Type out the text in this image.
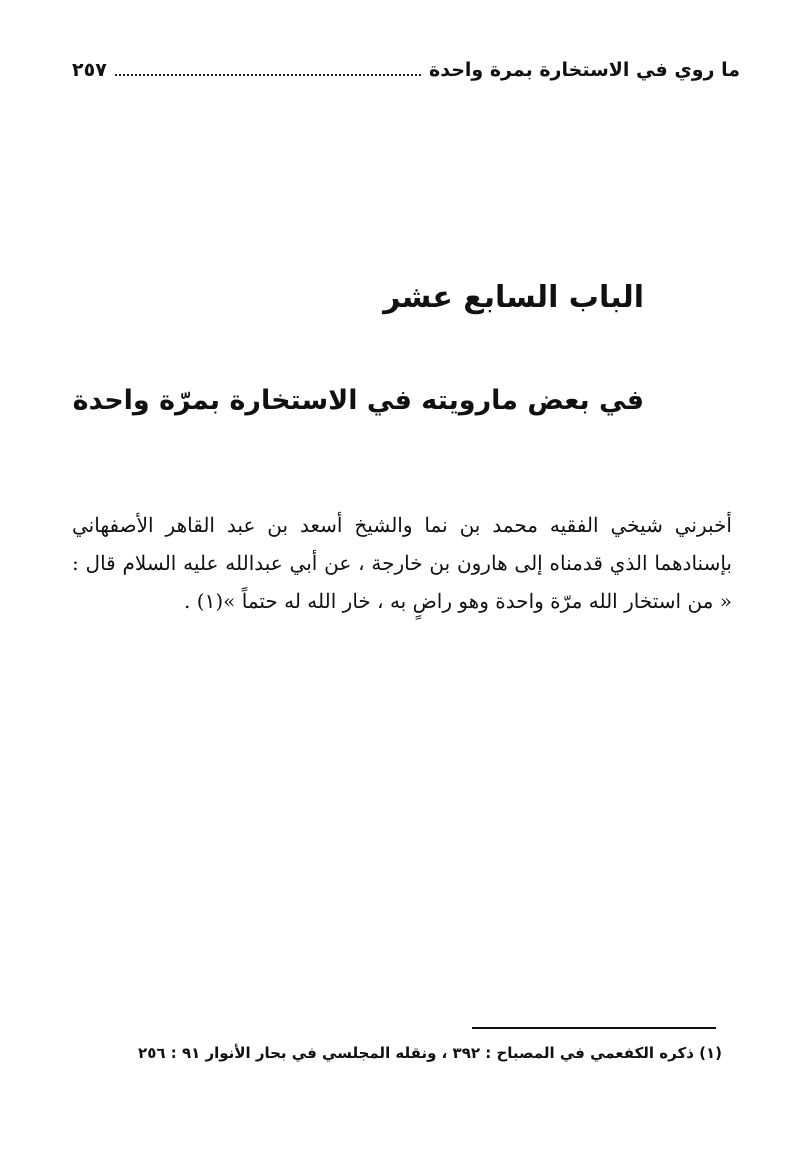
ما روي في الاستخارة بمرة واحدة
٢٥٧
الباب السابع عشر
في بعض مارويته في الاستخارة بمرّة واحدة
أخبرني شيخي الفقيه محمد بن نما والشيخ أسعد بن عبد القاهر الأصفهاني بإسنادهما الذي قدمناه إلى هارون بن خارجة ، عن أبي عبدالله عليه السلام قال : « من استخار الله مرّة واحدة وهو راضٍ به ، خار الله له حتماً »(١) .
(١) ذكره الكفعمي في المصباح : ٣٩٢ ، ونقله المجلسي في بحار الأنوار ٩١ : ٢٥٦
